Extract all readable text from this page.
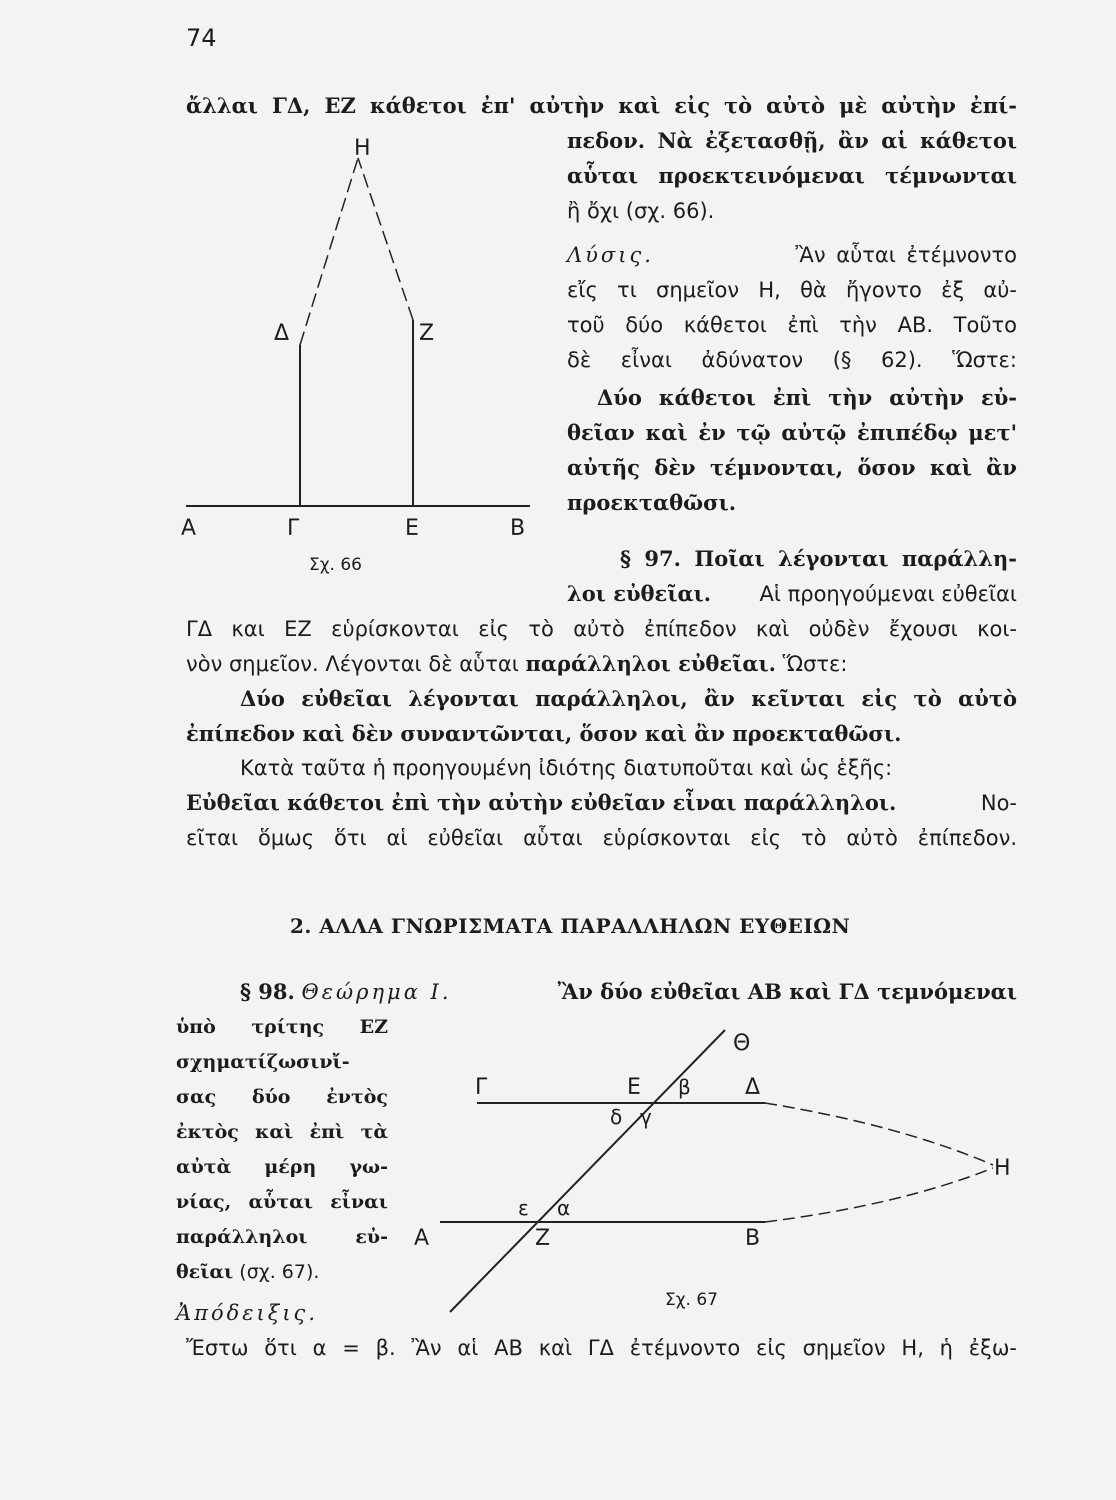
74
ἄλλαι ΓΔ, ΕΖ κάθετοι ἐπ' αὐτὴν καὶ εἰς τὸ αὐτὸ μὲ αὐτὴν ἐπί-
πεδον. Νὰ ἐξετασθῇ, ἂν αἱ κάθετοι
αὗται προεκτεινόμεναι τέμνωνται
ἢ ὄχι (σχ. 66).
Λύσις.	Ἂν αὗται ἐτέμνοντο
εἴς τι σημεῖον Η, θὰ ἤγοντο ἐξ αὐ-
τοῦ δύο κάθετοι ἐπὶ τὴν ΑΒ. Τοῦτο
δὲ εἶναι ἀδύνατον (§ 62). Ὥστε:
Δύο κάθετοι ἐπὶ τὴν αὐτὴν εὐ-
θεῖαν καὶ ἐν τῷ αὐτῷ ἐπιπέδῳ μετ'
αὐτῆς δὲν τέμνονται, ὅσον καὶ ἂν
προεκταθῶσι.
§ 97. Ποῖαι λέγονται παράλλη-
λοι εὐθεῖαι. Αἱ προηγούμεναι εὐθεῖαι
ΓΔ και ΕΖ εὑρίσκονται εἰς τὸ αὐτὸ ἐπίπεδον καὶ οὐδὲν ἔχουσι κοι-
νὸν σημεῖον. Λέγονται δὲ αὗται παράλληλοι εὐθεῖαι. Ὥστε:
Δύο εὐθεῖαι λέγονται παράλληλοι, ἂν κεῖνται εἰς τὸ αὐτὸ
ἐπίπεδον καὶ δὲν συναντῶνται, ὅσον καὶ ἂν προεκταθῶσι.
Κατὰ ταῦτα ἡ προηγουμένη ἰδιότης διατυποῦται καὶ ὡς ἑξῆς:
Εὐθεῖαι κάθετοι ἐπὶ τὴν αὐτὴν εὐθεῖαν εἶναι παράλληλοι.	Νο-
εῖται ὅμως ὅτι αἱ εὐθεῖαι αὗται εὑρίσκονται εἰς τὸ αὐτὸ ἐπίπεδον.
2. ΑΛΛΑ ΓΝΩΡΙΣΜΑΤΑ ΠΑΡΑΛΛΗΛΩΝ ΕΥΘΕΙΩΝ
§ 98. Θεώρημα Ι.	Ἂν δύο εὐθεῖαι ΑΒ καὶ ΓΔ τεμνόμεναι
ὑπὸ τρίτης ΕΖ
σχηματίζωσινἴ-
σας δύο ἐντὸς
ἐκτὸς καὶ ἐπὶ τὰ
αὐτὰ μέρη γω-
νίας, αὗται εἶναι
παράλληλοι εὐ-
θεῖαι (σχ. 67).
Ἀπόδειξις.
Ἔστω ὅτι α = β. Ἂν αἱ ΑΒ καὶ ΓΔ ἐτέμνοντο εἰς σημεῖον Η, ἡ ἐξω-
Η
Δ	Ζ
Α	Γ	Ε	Β
Σχ. 66
Θ
Γ	Ε β Δ
δ γ
Η
ε α
Α	Ζ	Β
Σχ. 67
